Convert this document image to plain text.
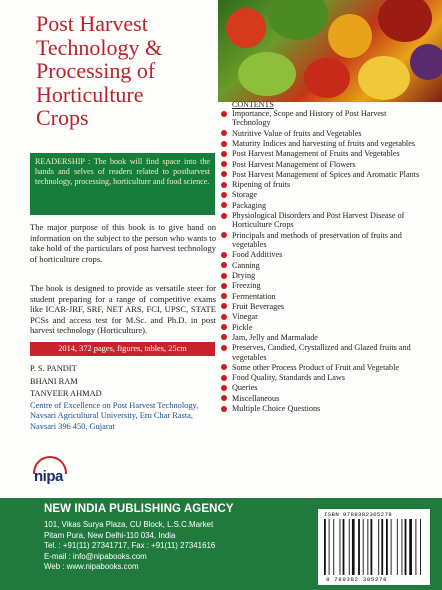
Post Harvest
Technology &
Processing of
Horticulture
Crops
READERSHIP : The book will find space into the hands and selves of readers related to postharvest technology, processing, horticulture and food science.

The major purpose of this book is to give hand on information on the subject to the person who wants to take hold of the particulars of post harvest technology of horticulture crops.

The book is designed to provide as versatile steer for student preparing for a range of competitive exams like ICAR-JRF, SRF, NET ARS, FCI, UPSC, STATE PCSs and access test for M.Sc. and Ph.D. in post harvest technology (Horticulture).

2014, 372 pages, figures, tables, 25cm
P. S. PANDIT
BHANI RAM
TANVEER AHMAD
Centre of Excellence on Post Harvest Technology, Navsari Agricultural University, Eru Char Rasta, Navsari 396 450, Gujarat
CONTENTS
Importance, Scope and History of Post Harvest Technology
Nutritive Value of fruits and Vegetables
Maturity Indices and harvesting of fruits and vegetables
Post Harvest Management of Fruits and Vegetables
Post Harvest Management of Flowers
Post Harvest Management of Spices and Aromatic Plants
Ripening of fruits
Storage
Packaging
Physiological Disorders and Post Harvest Disease of Horticulture Crops
Principals and methods of preservation of fruits and vegetables
Food Additives
Canning
Drying
Freezing
Fermentation
Fruit Beverages
Vinegar
Pickle
Jam, Jelly and Marmalade
Preserves, Candied, Crystallized and Glazed fruits and vegetables
Some other Process Product of Fruit and Vegetable
Food Quality, Standards and Laws
Queries
Miscellaneous
Multiple Choice Questions
nipa
NEW INDIA PUBLISHING AGENCY
101, Vikas Surya Plaza, CU Block, L.S.C.Market
Pitam Pura, New Delhi-110 034, India
Tel. : +91(11) 27341717, Fax : +91(11) 27341616
E-mail : info@nipabooks.com
Web : www.nipabooks.com
ISBN 9789382305278
9 789382 305278
